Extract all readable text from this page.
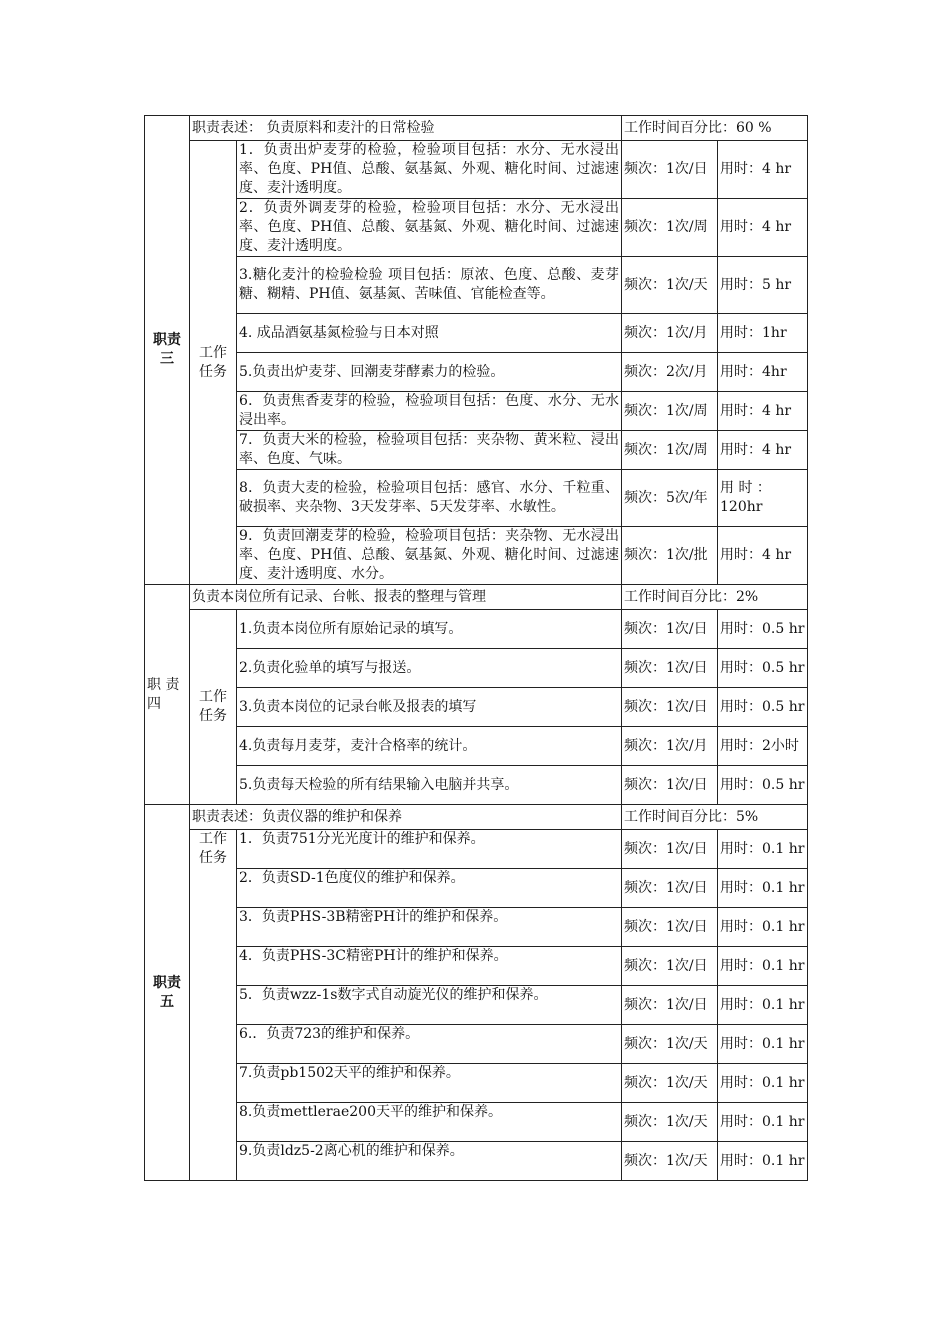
职责三	职责表述： 负责原料和麦汁的日常检验		工作时间百分比：60 %	
	工作任务	1．负责出炉麦芽的检验，检验项目包括：水分、无水浸出率、色度、PH值、总酸、氨基氮、外观、糖化时间、过滤速度、麦汁透明度。	频次：1次/日	用时：4 hr
		2．负责外调麦芽的检验，检验项目包括：水分、无水浸出率、色度、PH值、总酸、氨基氮、外观、糖化时间、过滤速度、麦汁透明度。	频次：1次/周	用时：4 hr
		3.糖化麦汁的检验检验 项目包括：原浓、色度、总酸、麦芽糖、糊精、PH值、氨基氮、苦味值、官能检查等。	频次：1次/天	用时：5 hr
		4. 成品酒氨基氮检验与日本对照	频次：1次/月	用时：1hr
		5.负责出炉麦芽、回潮麦芽酵素力的检验。	频次：2次/月	用时：4hr
		6．负责焦香麦芽的检验，检验项目包括：色度、水分、无水浸出率。	频次：1次/周	用时：4 hr
		7．负责大米的检验，检验项目包括：夹杂物、黄米粒、浸出率、色度、气味。	频次：1次/周	用时：4 hr
		8．负责大麦的检验，检验项目包括：感官、水分、千粒重、破损率、夹杂物、3天发芽率、5天发芽率、水敏性。	频次：5次/年	用 时 ：120hr
		9．负责回潮麦芽的检验，检验项目包括：夹杂物、无水浸出率、色度、PH值、总酸、氨基氮、外观、糖化时间、过滤速度、麦汁透明度、水分。	频次：1次/批	用时：4 hr
职 责四	负责本岗位所有记录、台帐、报表的整理与管理		工作时间百分比：2%	
	工作任务	1.负责本岗位所有原始记录的填写。	频次：1次/日	用时：0.5 hr
		2.负责化验单的填写与报送。	频次：1次/日	用时：0.5 hr
		3.负责本岗位的记录台帐及报表的填写	频次：1次/日	用时：0.5 hr
		4.负责每月麦芽，麦汁合格率的统计。	频次：1次/月	用时：2小时
		5.负责每天检验的所有结果输入电脑并共享。	频次：1次/日	用时：0.5 hr
职责五	职责表述：负责仪器的维护和保养		工作时间百分比：5%	
	工作任务	1．负责751分光光度计的维护和保养。	频次：1次/日	用时：0.1 hr
		2．负责SD-1色度仪的维护和保养。	频次：1次/日	用时：0.1 hr
		3．负责PHS-3B精密PH计的维护和保养。	频次：1次/日	用时：0.1 hr
		4．负责PHS-3C精密PH计的维护和保养。	频次：1次/日	用时：0.1 hr
		5．负责wzz-1s数字式自动旋光仪的维护和保养。	频次：1次/日	用时：0.1 hr
		6.．负责723的维护和保养。	频次：1次/天	用时：0.1 hr
		7.负责pb1502天平的维护和保养。	频次：1次/天	用时：0.1 hr
		8.负责mettlerae200天平的维护和保养。	频次：1次/天	用时：0.1 hr
		9.负责ldz5-2离心机的维护和保养。	频次：1次/天	用时：0.1 hr
